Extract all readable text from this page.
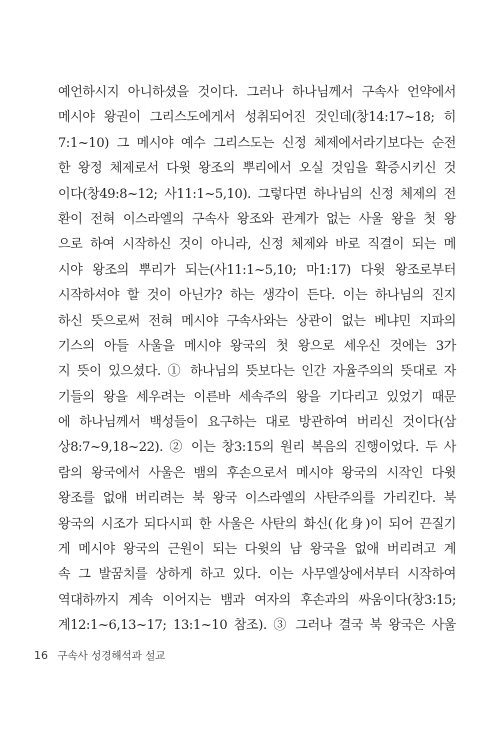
예언하시지 아니하셨을 것이다. 그러나 하나님께서 구속사 언약에서
메시야 왕권이 그리스도에게서 성취되어진 것인데(창14:17~18; 히
7:1~10) 그 메시야 예수 그리스도는 신정 체제에서라기보다는 순전
한 왕정 체제로서 다윗 왕조의 뿌리에서 오실 것임을 확증시키신 것
이다(창49:8~12; 사11:1~5,10). 그렇다면 하나님의 신정 체제의 전
환이 전혀 이스라엘의 구속사 왕조와 관계가 없는 사울 왕을 첫 왕
으로 하여 시작하신 것이 아니라, 신정 체제와 바로 직결이 되는 메
시야 왕조의 뿌리가 되는(사11:1~5,10; 마1:17) 다윗 왕조로부터
시작하셔야 할 것이 아닌가? 하는 생각이 든다. 이는 하나님의 진지
하신 뜻으로써 전혀 메시야 구속사와는 상관이 없는 베냐민 지파의
기스의 아들 사울을 메시야 왕국의 첫 왕으로 세우신 것에는 3가
지 뜻이 있으셨다. ① 하나님의 뜻보다는 인간 자율주의의 뜻대로 자
기들의 왕을 세우려는 이른바 세속주의 왕을 기다리고 있었기 때문
에 하나님께서 백성들이 요구하는 대로 방관하여 버리신 것이다(삼
상8:7~9,18~22). ② 이는 창3:15의 원리 복음의 진행이었다. 두 사
람의 왕국에서 사울은 뱀의 후손으로서 메시야 왕국의 시작인 다윗
왕조를 없애 버리려는 북 왕국 이스라엘의 사탄주의를 가리킨다. 북
왕국의 시조가 되다시피 한 사울은 사탄의 화신(化身)이 되어 끈질기
게 메시야 왕국의 근원이 되는 다윗의 남 왕국을 없애 버리려고 계
속 그 발꿈치를 상하게 하고 있다. 이는 사무엘상에서부터 시작하여
역대하까지 계속 이어지는 뱀과 여자의 후손과의 싸움이다(창3:15;
계12:1~6,13~17; 13:1~10 참조). ③ 그러나 결국 북 왕국은 사울
16 구속사 성경해석과 설교
